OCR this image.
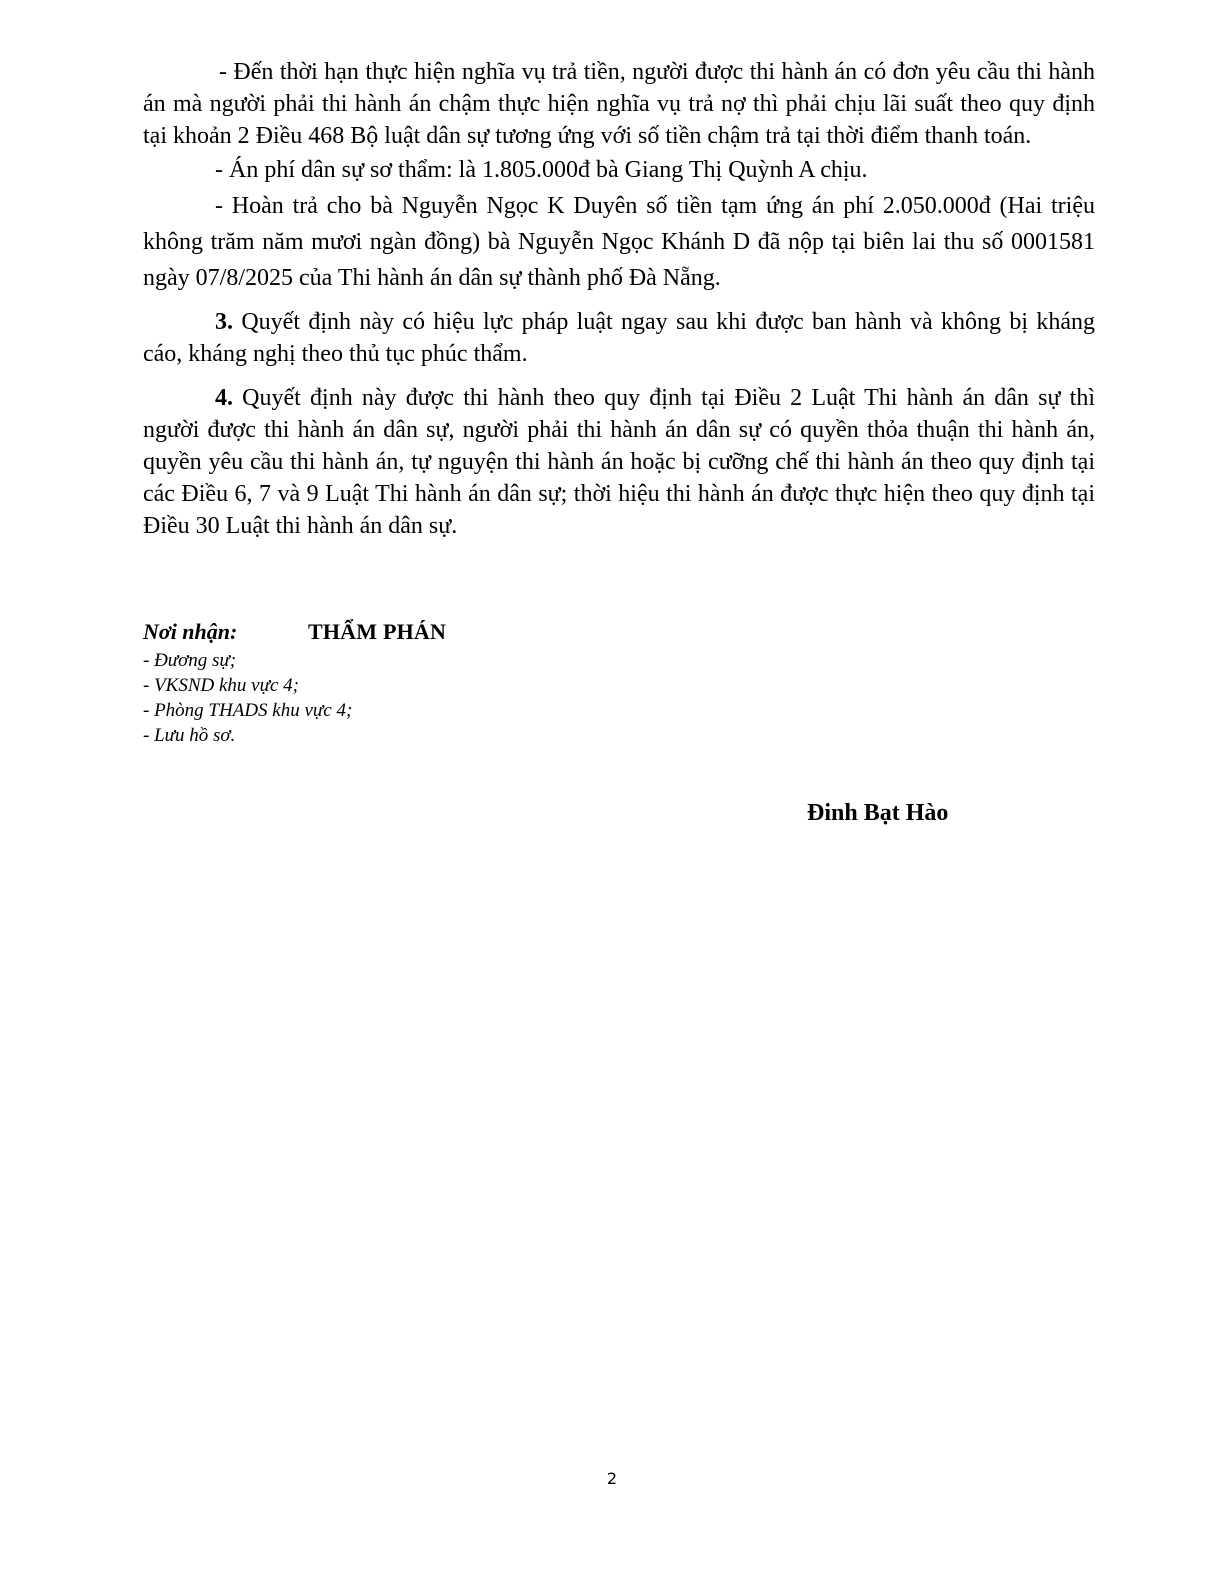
- Đến thời hạn thực hiện nghĩa vụ trả tiền, người được thi hành án có đơn yêu cầu thi hành án mà người phải thi hành án chậm thực hiện nghĩa vụ trả nợ thì phải chịu lãi suất theo quy định tại khoản 2 Điều 468 Bộ luật dân sự tương ứng với số tiền chậm trả tại thời điểm thanh toán.

- Án phí dân sự sơ thẩm: là 1.805.000đ bà Giang Thị Quỳnh A chịu.

- Hoàn trả cho bà Nguyễn Ngọc K Duyên số tiền tạm ứng án phí 2.050.000đ (Hai triệu không trăm năm mươi ngàn đồng) bà Nguyễn Ngọc Khánh D đã nộp tại biên lai thu số 0001581 ngày 07/8/2025 của Thi hành án dân sự thành phố Đà Nẵng.

3. Quyết định này có hiệu lực pháp luật ngay sau khi được ban hành và không bị kháng cáo, kháng nghị theo thủ tục phúc thẩm.

4. Quyết định này được thi hành theo quy định tại Điều 2 Luật Thi hành án dân sự thì người được thi hành án dân sự, người phải thi hành án dân sự có quyền thỏa thuận thi hành án, quyền yêu cầu thi hành án, tự nguyện thi hành án hoặc bị cưỡng chế thi hành án theo quy định tại các Điều 6, 7 và 9 Luật Thi hành án dân sự; thời hiệu thi hành án được thực hiện theo quy định tại Điều 30 Luật thi hành án dân sự.

Nơi nhận:	THẨM PHÁN
- Đương sự;
- VKSND khu vực 4;
- Phòng THADS khu vực 4;
- Lưu hồ sơ.
Đinh Bạt Hào
2
